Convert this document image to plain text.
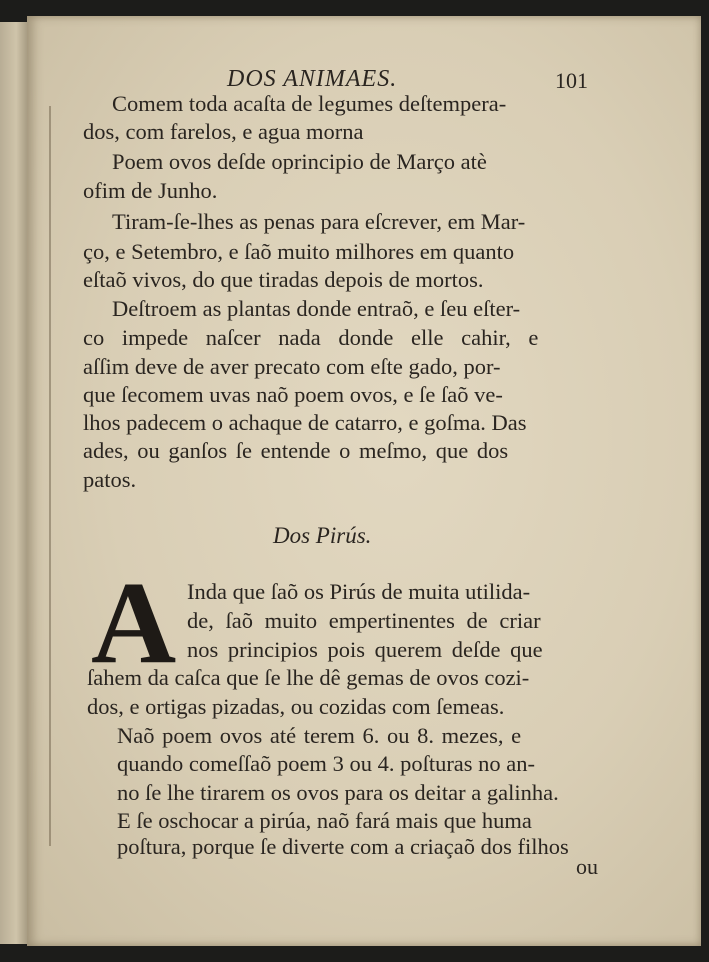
DOS ANIMAES.	101
Comem toda acaſta de legumes deſtempera-
dos, com farelos, e agua morna
Poem ovos deſde oprincipio de Março atè
ofim de Junho.
Tiram-ſe-lhes as penas para eſcrever, em Mar-
ço, e Setembro, e ſaõ muito milhores em quanto
eſtaõ vivos, do que tiradas depois de mortos.
Deſtroem as plantas donde entraõ, e ſeu eſter-
co impede naſcer nada donde elle cahir, e
aſſim deve de aver precato com eſte gado, por-
que ſecomem uvas naõ poem ovos, e ſe ſaõ ve-
lhos padecem o achaque de catarro, e goſma. Das
ades, ou ganſos ſe entende o meſmo, que dos
patos.
Dos Pirús.
A Inda que ſaõ os Pirús de muita utilida-
de, ſaõ muito empertinentes de criar
nos principios pois querem deſde que
ſahem da caſca que ſe lhe dê gemas de ovos cozi-
dos, e ortigas pizadas, ou cozidas com ſemeas.
Naõ poem ovos até terem 6. ou 8. mezes, e
quando comeſſaõ poem 3 ou 4. poſturas no an-
no ſe lhe tirarem os ovos para os deitar a galinha.
E ſe oschocar a pirúa, naõ fará mais que huma
poſtura, porque ſe diverte com a criaçaõ dos filhos
ou
